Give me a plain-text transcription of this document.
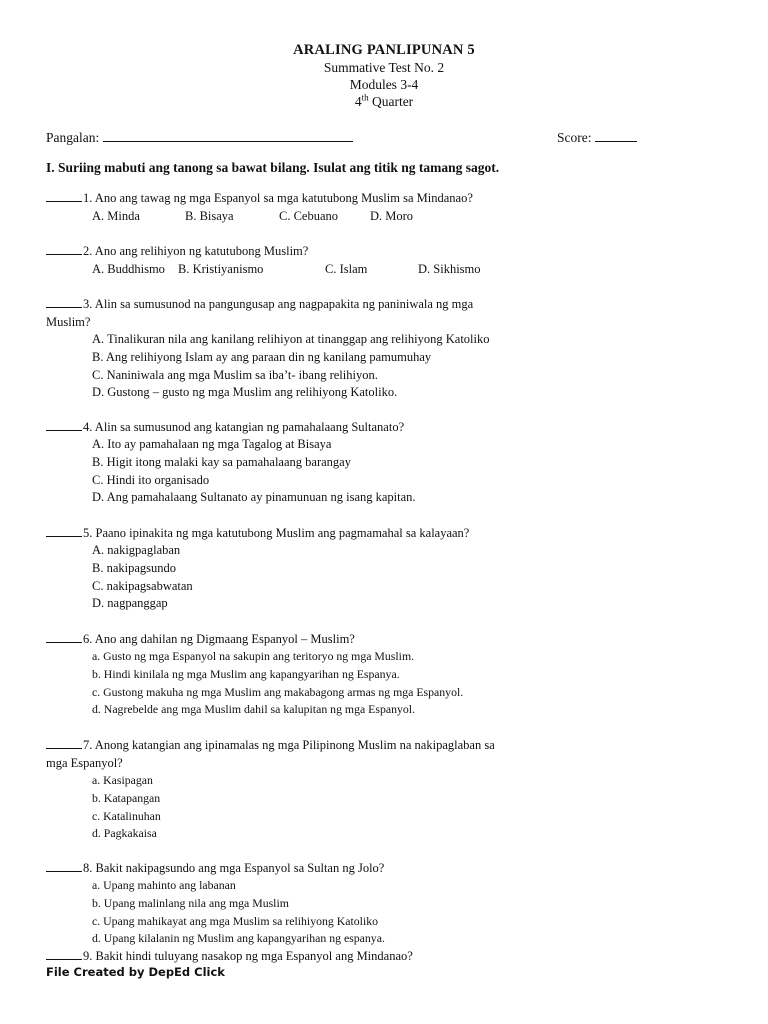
ARALING PANLIPUNAN 5
Summative Test No. 2
Modules 3-4
4th Quarter
Pangalan:	Score:
I. Suriing mabuti ang tanong sa bawat bilang. Isulat ang titik ng tamang sagot.

1. Ano ang tawag ng mga Espanyol sa mga katutubong Muslim sa Mindanao?

A. Minda	B. Bisaya	C. Cebuano	D. Moro

2. Ano ang relihiyon ng katutubong Muslim?

A. Buddhismo B. Kristiyanismo	C. Islam	D. Sikhismo

3. Alin sa sumusunod na pangungusap ang nagpapakita ng paniniwala ng mga

Muslim?

A. Tinalikuran nila ang kanilang relihiyon at tinanggap ang relihiyong Katoliko
B. Ang relihiyong Islam ay ang paraan din ng kanilang pamumuhay
C. Naniniwala ang mga Muslim sa iba’t- ibang relihiyon.
D. Gustong – gusto ng mga Muslim ang relihiyong Katoliko.

4. Alin sa sumusunod ang katangian ng pamahalaang Sultanato?

A. Ito ay pamahalaan ng mga Tagalog at Bisaya
B. Higit itong malaki kay sa pamahalaang barangay
C. Hindi ito organisado
D. Ang pamahalaang Sultanato ay pinamunuan ng isang kapitan.

5. Paano ipinakita ng mga katutubong Muslim ang pagmamahal sa kalayaan?

A. nakigpaglaban
B. nakipagsundo
C. nakipagsabwatan
D. nagpanggap

6. Ano ang dahilan ng Digmaang Espanyol – Muslim?

a. Gusto ng mga Espanyol na sakupin ang teritoryo ng mga Muslim.
b. Hindi kinilala ng mga Muslim ang kapangyarihan ng Espanya.
c. Gustong makuha ng mga Muslim ang makabagong armas ng mga Espanyol.
d. Nagrebelde ang mga Muslim dahil sa kalupitan ng mga Espanyol.

7. Anong katangian ang ipinamalas ng mga Pilipinong Muslim na nakipaglaban sa

mga Espanyol?

a. Kasipagan
b. Katapangan
c. Katalinuhan
d. Pagkakaisa

8. Bakit nakipagsundo ang mga Espanyol sa Sultan ng Jolo?

a. Upang mahinto ang labanan
b. Upang malinlang nila ang mga Muslim
c. Upang mahikayat ang mga Muslim sa relihiyong Katoliko
d. Upang kilalanin ng Muslim ang kapangyarihan ng espanya.

9. Bakit hindi tuluyang nasakop ng mga Espanyol ang Mindanao?

File Created by DepEd Click
